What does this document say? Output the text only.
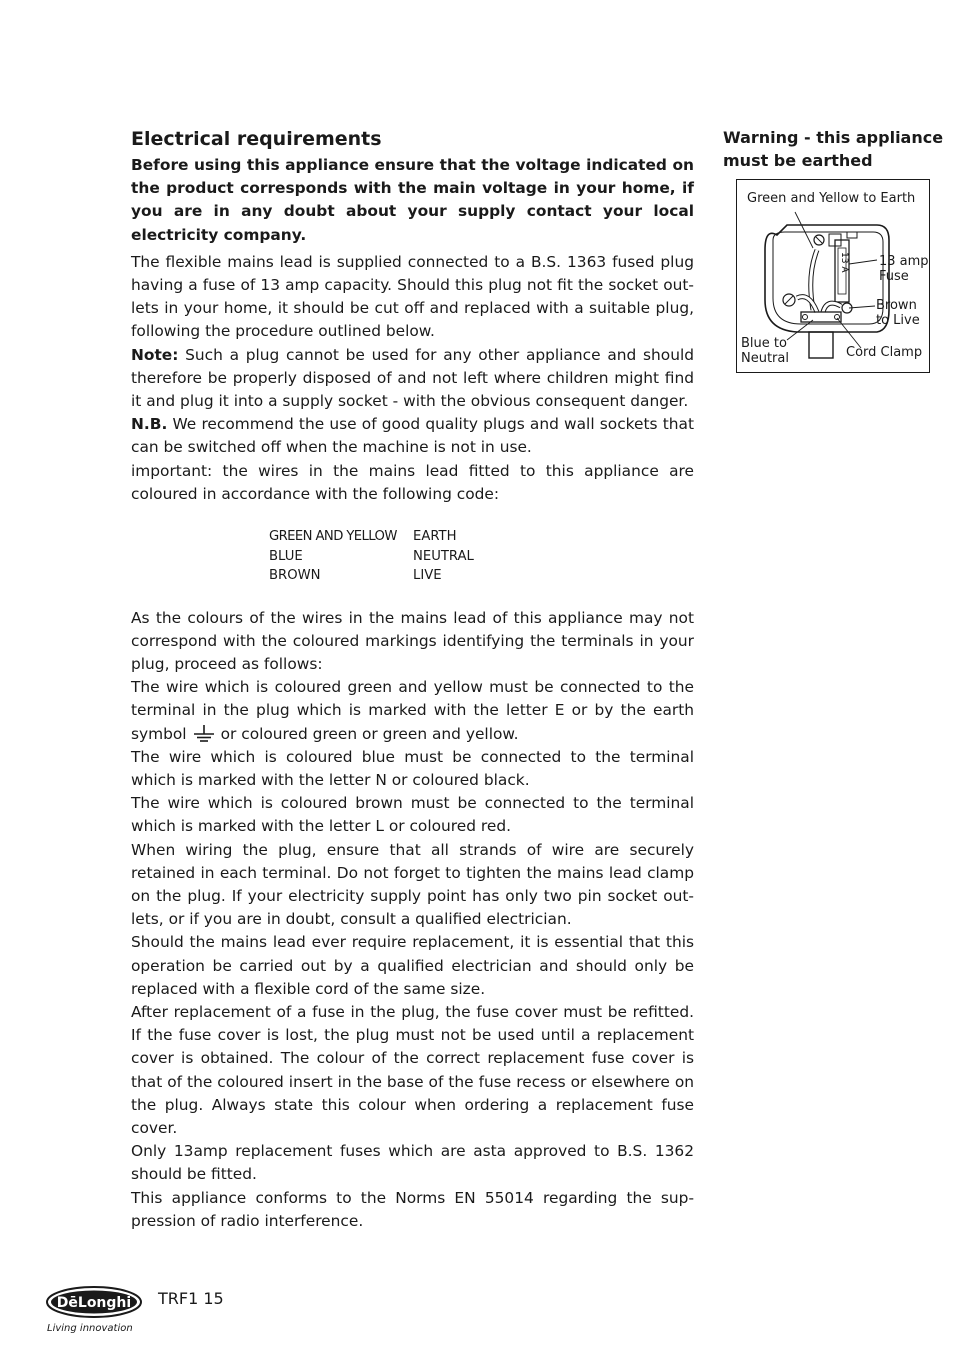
Electrical requirements

Before using this appliance ensure that the voltage indicated on the product corresponds with the main voltage in your home, if you are in any doubt about your supply contact your local electricity company.

The flexible mains lead is supplied connected to a B.S. 1363 fused plug having a fuse of 13 amp capacity. Should this plug not fit the socket out-lets in your home, it should be cut off and replaced with a suitable plug, following the procedure outlined below.

Note: Such a plug cannot be used for any other appliance and should therefore be properly disposed of and not left where children might find it and plug it into a supply socket - with the obvious consequent danger.

N.B. We recommend the use of good quality plugs and wall sockets that can be switched off when the machine is not in use.

important: the wires in the mains lead fitted to this appliance are coloured in accordance with the following code:

GREEN AND YELLOW	EARTH
BLUE	NEUTRAL
BROWN	LIVE

As the colours of the wires in the mains lead of this appliance may not correspond with the coloured markings identifying the terminals in your plug, proceed as follows:

The wire which is coloured green and yellow must be connected to the terminal in the plug which is marked with the letter E or by the earth symbol or coloured green or green and yellow.

The wire which is coloured blue must be connected to the terminal which is marked with the letter N or coloured black.

The wire which is coloured brown must be connected to the terminal which is marked with the letter L or coloured red.

When wiring the plug, ensure that all strands of wire are securely retained in each terminal. Do not forget to tighten the mains lead clamp on the plug. If your electricity supply point has only two pin socket out-lets, or if you are in doubt, consult a qualified electrician.

Should the mains lead ever require replacement, it is essential that this operation be carried out by a qualified electrician and should only be replaced with a flexible cord of the same size.

After replacement of a fuse in the plug, the fuse cover must be refitted. If the fuse cover is lost, the plug must not be used until a replacement cover is obtained. The colour of the correct replacement fuse cover is that of the coloured insert in the base of the fuse recess or elsewhere on the plug. Always state this colour when ordering a replacement fuse cover.

Only 13amp replacement fuses which are asta approved to B.S. 1362 should be fitted.

This appliance conforms to the Norms EN 55014 regarding the sup-pression of radio interference.

Warning - this appliance
must be earthed

13 A
Green and Yellow to Earth
13 amp
Fuse
Brown
to Live
Blue to
Neutral	Cord Clamp
DēLonghi
Living innovation
TRF1 15
